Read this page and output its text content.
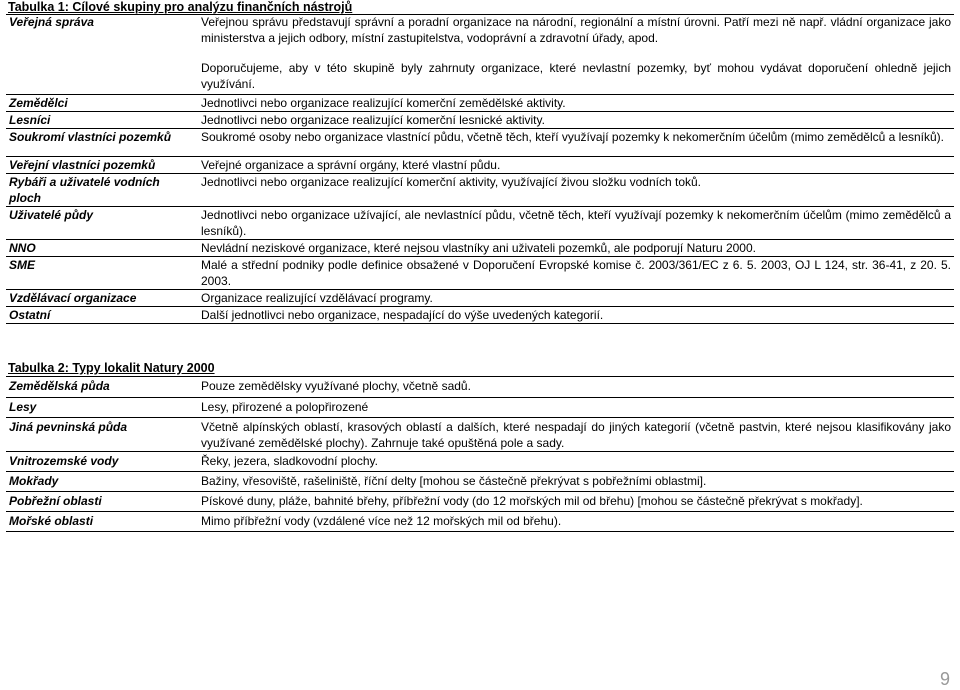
Tabulka 1: Cílové skupiny pro analýzu finančních nástrojů
Veřejná správa	Veřejnou správu představují správní a poradní organizace na národní, regionální a místní úrovni. Patří mezi ně např. vládní organizace jako ministerstva a jejich odbory, místní zastupitelstva, vodoprávní a zdravotní úřady, apod.
	Doporučujeme, aby v této skupině byly zahrnuty organizace, které nevlastní pozemky, byť mohou vydávat doporučení ohledně jejich využívání.
Zemědělci	Jednotlivci nebo organizace realizující komerční zemědělské aktivity.
Lesníci	Jednotlivci nebo organizace realizující komerční lesnické aktivity.
Soukromí vlastníci pozemků	Soukromé osoby nebo organizace vlastnící půdu, včetně těch, kteří využívají pozemky k nekomerčním účelům (mimo zemědělců a lesníků).
Veřejní vlastníci pozemků	Veřejné organizace a správní orgány, které vlastní půdu.
Rybáři a uživatelé vodních ploch	Jednotlivci nebo organizace realizující komerční aktivity, využívající živou složku vodních toků.
Uživatelé půdy	Jednotlivci nebo organizace užívající, ale nevlastnící půdu, včetně těch, kteří využívají pozemky k nekomerčním účelům (mimo zemědělců a lesníků).
NNO	Nevládní neziskové organizace, které nejsou vlastníky ani uživateli pozemků, ale podporují Naturu 2000.
SME	Malé a střední podniky podle definice obsažené v Doporučení Evropské komise č. 2003/361/EC z 6. 5. 2003, OJ L 124, str. 36-41, z 20. 5. 2003.
Vzdělávací organizace	Organizace realizující vzdělávací programy.
Ostatní	Další jednotlivci nebo organizace, nespadající do výše uvedených kategorií.
Tabulka 2: Typy lokalit Natury 2000
Zemědělská půda	Pouze zemědělsky využívané plochy, včetně sadů.
Lesy	Lesy, přirozené a polopřirozené
Jiná pevninská půda	Včetně alpínských oblastí, krasových oblastí a dalších, které nespadají do jiných kategorií (včetně pastvin, které nejsou klasifikovány jako využívané zemědělské plochy). Zahrnuje také opuštěná pole a sady.
Vnitrozemské vody	Řeky, jezera, sladkovodní plochy.
Mokřady	Bažiny, vřesoviště, rašeliniště, říční delty [mohou se částečně překrývat s pobřežními oblastmi].
Pobřežní oblasti	Pískové duny, pláže, bahnité břehy, příbřežní vody (do 12 mořských mil od břehu) [mohou se částečně překrývat s mokřady].
Mořské oblasti	Mimo příbřežní vody (vzdálené více než 12 mořských mil od břehu).
9
